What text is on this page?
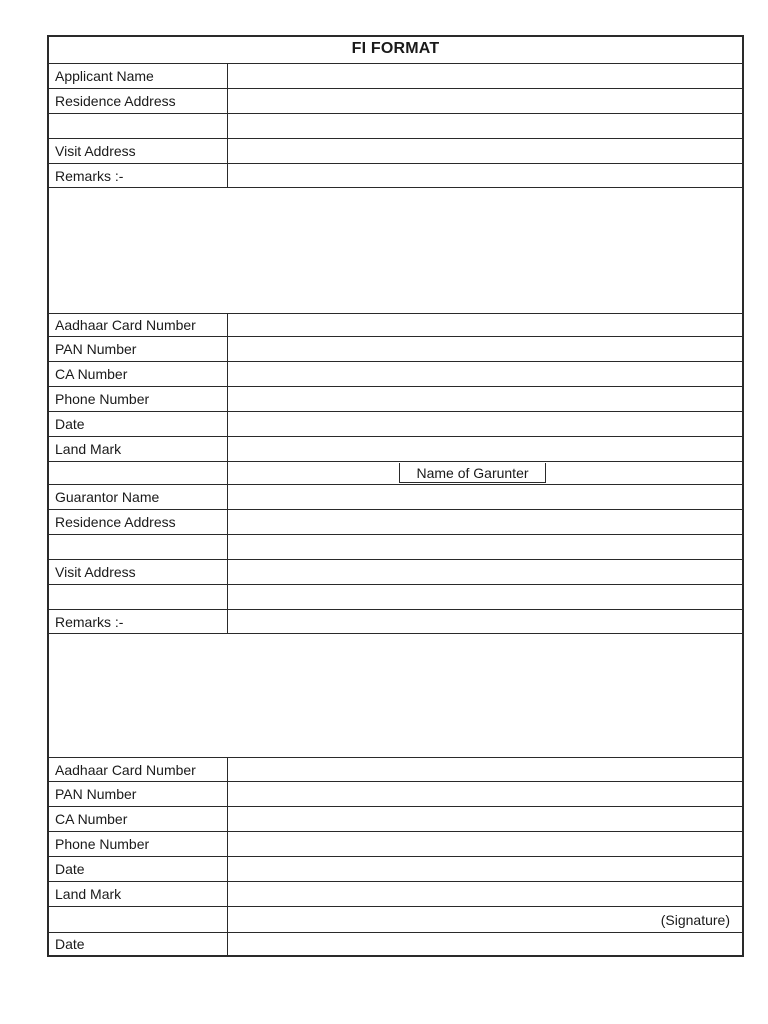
FI FORMAT
Applicant Name
Residence Address
Visit Address
Remarks :-
Aadhaar Card Number
PAN Number
CA Number
Phone Number
Date
Land Mark
Name of Garunter
Guarantor Name
Residence Address
Visit Address
Remarks :-
Aadhaar Card Number
PAN Number
CA Number
Phone Number
Date
Land Mark
(Signature)
Date
